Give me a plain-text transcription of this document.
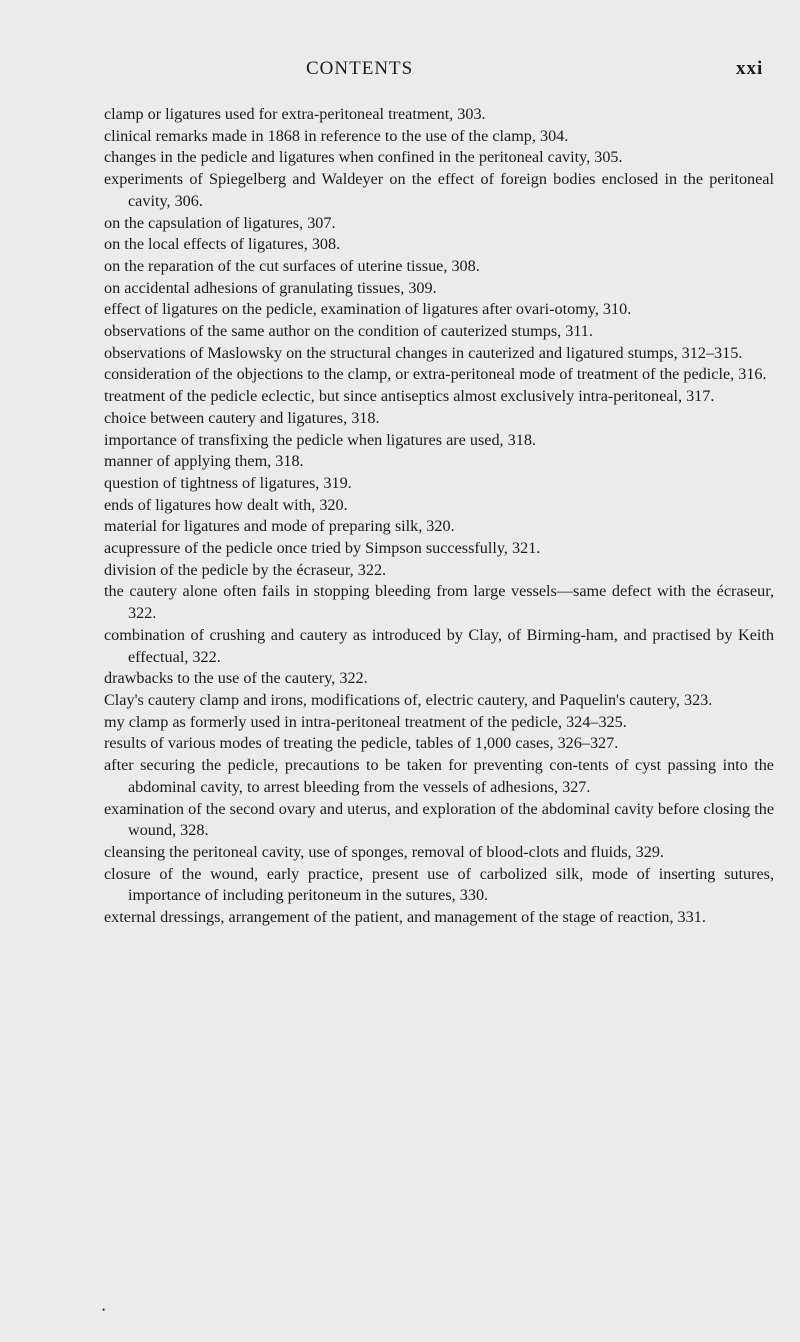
CONTENTS	xxi
clamp or ligatures used for extra-peritoneal treatment, 303.
clinical remarks made in 1868 in reference to the use of the clamp, 304.
changes in the pedicle and ligatures when confined in the peritoneal cavity, 305.
experiments of Spiegelberg and Waldeyer on the effect of foreign bodies enclosed in the peritoneal cavity, 306.
on the capsulation of ligatures, 307.
on the local effects of ligatures, 308.
on the reparation of the cut surfaces of uterine tissue, 308.
on accidental adhesions of granulating tissues, 309.
effect of ligatures on the pedicle, examination of ligatures after ovari-otomy, 310.
observations of the same author on the condition of cauterized stumps, 311.
observations of Maslowsky on the structural changes in cauterized and ligatured stumps, 312–315.
consideration of the objections to the clamp, or extra-peritoneal mode of treatment of the pedicle, 316.
treatment of the pedicle eclectic, but since antiseptics almost exclusively intra-peritoneal, 317.
choice between cautery and ligatures, 318.
importance of transfixing the pedicle when ligatures are used, 318.
manner of applying them, 318.
question of tightness of ligatures, 319.
ends of ligatures how dealt with, 320.
material for ligatures and mode of preparing silk, 320.
acupressure of the pedicle once tried by Simpson successfully, 321.
division of the pedicle by the écraseur, 322.
the cautery alone often fails in stopping bleeding from large vessels—same defect with the écraseur, 322.
combination of crushing and cautery as introduced by Clay, of Birming-ham, and practised by Keith effectual, 322.
drawbacks to the use of the cautery, 322.
Clay's cautery clamp and irons, modifications of, electric cautery, and Paquelin's cautery, 323.
my clamp as formerly used in intra-peritoneal treatment of the pedicle, 324–325.
results of various modes of treating the pedicle, tables of 1,000 cases, 326–327.
after securing the pedicle, precautions to be taken for preventing con-tents of cyst passing into the abdominal cavity, to arrest bleeding from the vessels of adhesions, 327.
examination of the second ovary and uterus, and exploration of the abdominal cavity before closing the wound, 328.
cleansing the peritoneal cavity, use of sponges, removal of blood-clots and fluids, 329.
closure of the wound, early practice, present use of carbolized silk, mode of inserting sutures, importance of including peritoneum in the sutures, 330.
external dressings, arrangement of the patient, and management of the stage of reaction, 331.
•
